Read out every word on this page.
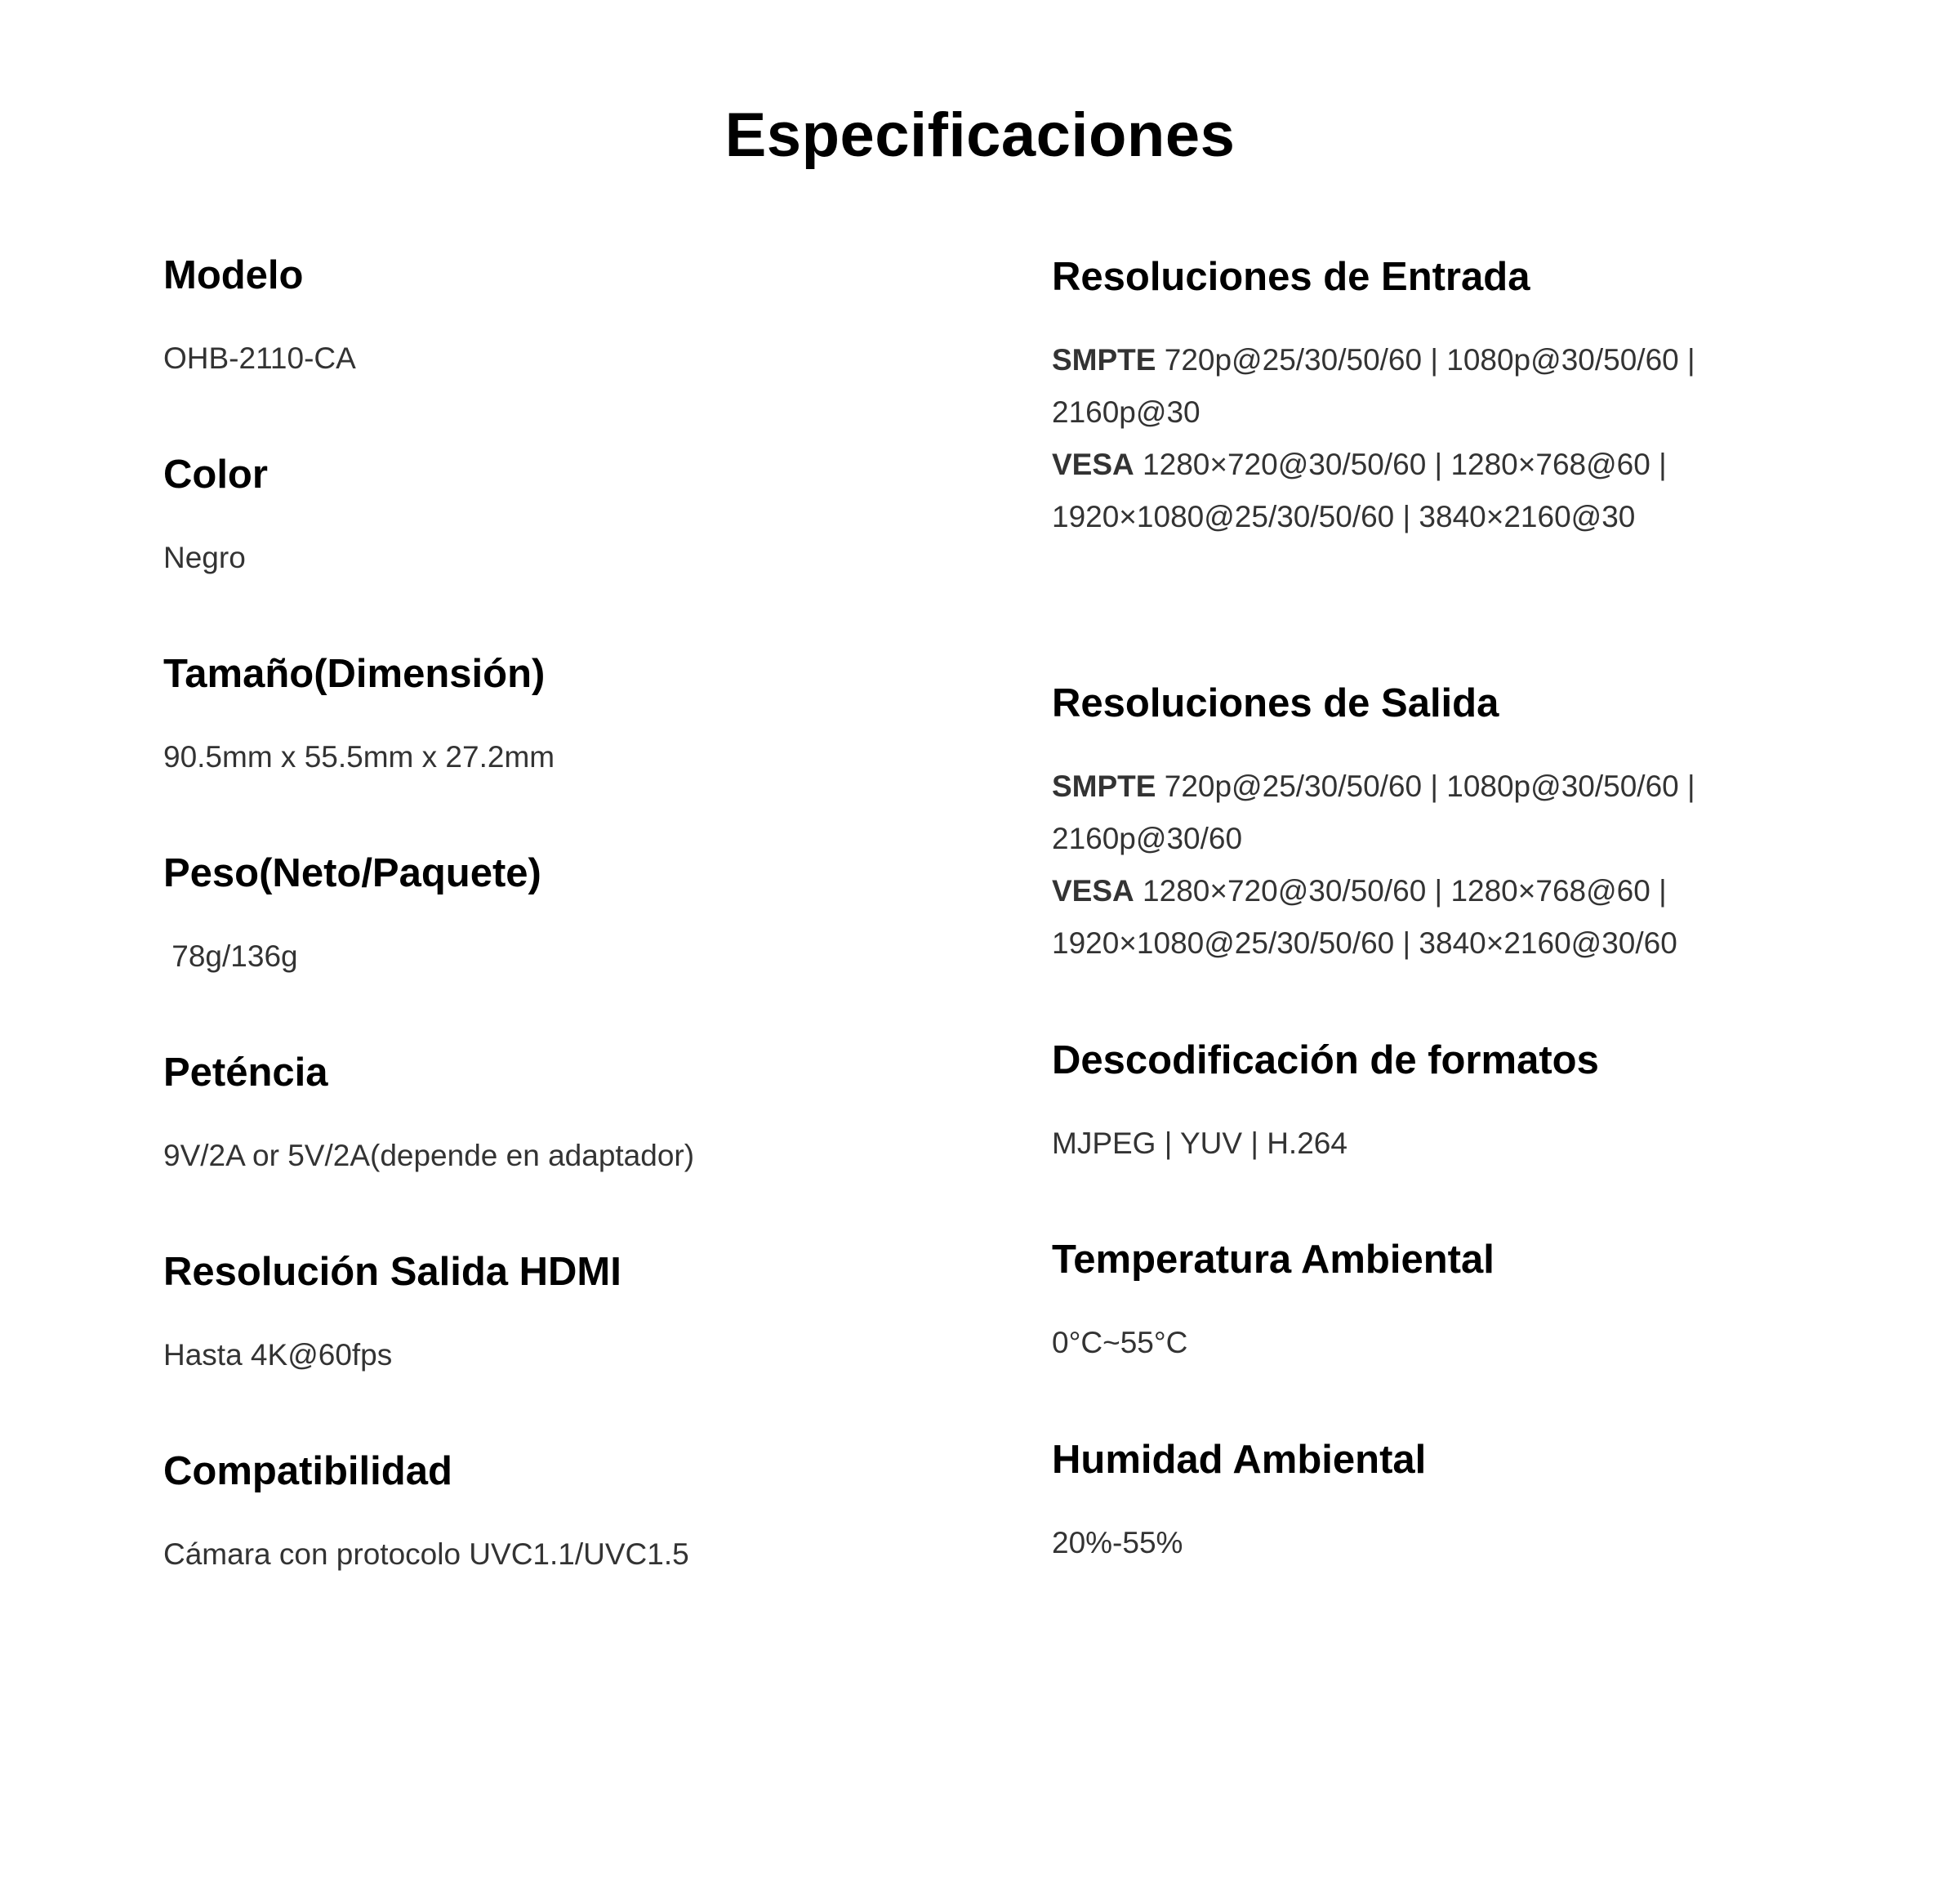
Especificaciones
Modelo
OHB-2110-CA
Color
Negro
Tamaño(Dimensión)
90.5mm x 55.5mm x 27.2mm
Peso(Neto/Paquete)
78g/136g
Peténcia
9V/2A or 5V/2A(depende en adaptador)
Resolución Salida HDMI
Hasta 4K@60fps
Compatibilidad
Cámara con protocolo UVC1.1/UVC1.5
Resoluciones de Entrada
SMPTE 720p@25/30/50/60 | 1080p@30/50/60 |
2160p@30
VESA 1280×720@30/50/60 | 1280×768@60 |
1920×1080@25/30/50/60 | 3840×2160@30
Resoluciones de Salida
SMPTE 720p@25/30/50/60 | 1080p@30/50/60 |
2160p@30/60
VESA 1280×720@30/50/60 | 1280×768@60 |
1920×1080@25/30/50/60 | 3840×2160@30/60
Descodificación de formatos
MJPEG | YUV | H.264
Temperatura Ambiental
0°C~55°C
Humidad Ambiental
20%-55%
